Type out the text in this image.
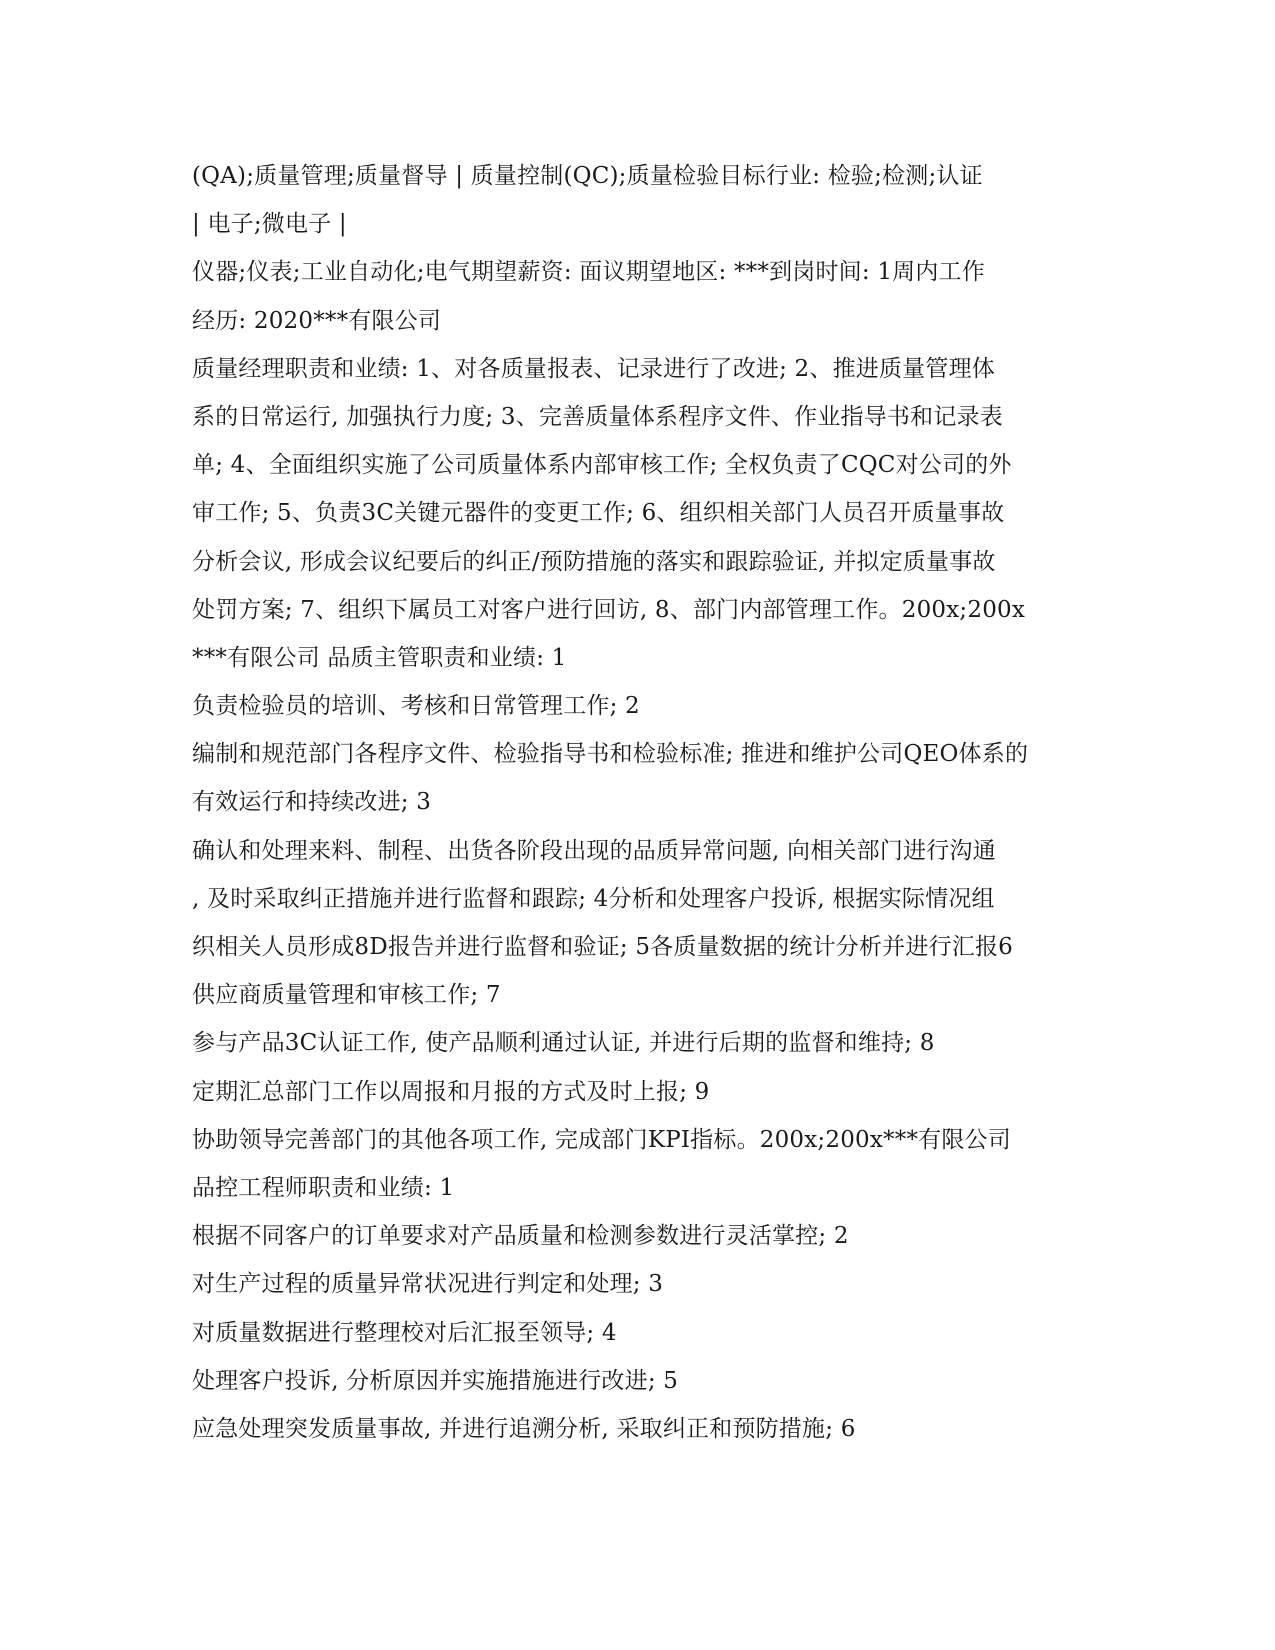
(QA);质量管理;质量督导 | 质量控制(QC);质量检验目标行业: 检验;检测;认证
| 电子;微电子 |
仪器;仪表;工业自动化;电气期望薪资: 面议期望地区: ***到岗时间: 1周内工作
经历: 2020***有限公司
质量经理职责和业绩: 1、对各质量报表、记录进行了改进; 2、推进质量管理体
系的日常运行, 加强执行力度; 3、完善质量体系程序文件、作业指导书和记录表
单; 4、全面组织实施了公司质量体系内部审核工作; 全权负责了CQC对公司的外
审工作; 5、负责3C关键元器件的变更工作; 6、组织相关部门人员召开质量事故
分析会议, 形成会议纪要后的纠正/预防措施的落实和跟踪验证, 并拟定质量事故
处罚方案; 7、组织下属员工对客户进行回访, 8、部门内部管理工作。200x;200x
***有限公司 品质主管职责和业绩: 1
负责检验员的培训、考核和日常管理工作; 2
编制和规范部门各程序文件、检验指导书和检验标准; 推进和维护公司QEO体系的
有效运行和持续改进; 3
确认和处理来料、制程、出货各阶段出现的品质异常问题, 向相关部门进行沟通
, 及时采取纠正措施并进行监督和跟踪; 4分析和处理客户投诉, 根据实际情况组
织相关人员形成8D报告并进行监督和验证; 5各质量数据的统计分析并进行汇报6
供应商质量管理和审核工作; 7
参与产品3C认证工作, 使产品顺利通过认证, 并进行后期的监督和维持; 8
定期汇总部门工作以周报和月报的方式及时上报; 9
协助领导完善部门的其他各项工作, 完成部门KPI指标。200x;200x***有限公司
品控工程师职责和业绩: 1
根据不同客户的订单要求对产品质量和检测参数进行灵活掌控; 2
对生产过程的质量异常状况进行判定和处理; 3
对质量数据进行整理校对后汇报至领导; 4
处理客户投诉, 分析原因并实施措施进行改进; 5
应急处理突发质量事故, 并进行追溯分析, 采取纠正和预防措施; 6
